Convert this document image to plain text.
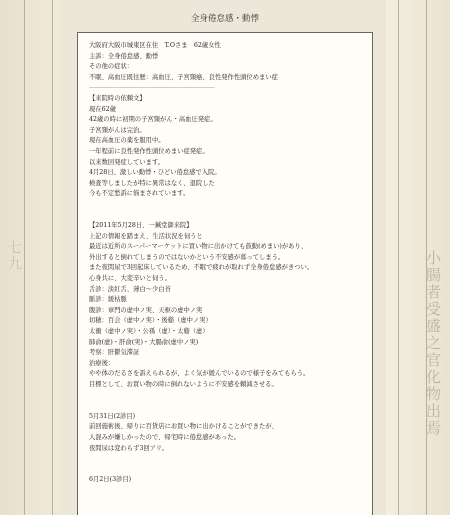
小腸者受盛之官化物出焉
七九
全身倦怠感・動悸
大阪府大阪市城東区在住　T.Oさま　62歳女性
主訴：全身倦怠感、動悸
その他の症状：
不眠、高血圧既往歴：高血圧、子宮頸癌、良性発作性頭位めまい症
----------------------------------------------------------------------------------
【来院時の依頼文】
現在62歳
42歳の時に初期の子宮頸がん・高血圧発症。
子宮頸がんは完治。
現在高血圧の薬を服用中。
一年程前に良性発作性頭位めまい症発症。
以来数回発症しています。
4月28日、激しい動悸・ひどい倦怠感で入院。
検査等しましたが特に異常はなく、退院した
今も不定愁訴に悩まされています。
【2011年5月28日、一鍼堂御来院】
上記の情報を踏まえ、生活状況を伺うと
最近は近所のスーパーマーケットに買い物に出かけても鼓動(めまい)があり、
外出すると倒れてしまうのではないかという不安感が募ってしまう。
また夜間尿で3回起床しているため、不眠で疲れが取れず全身倦怠感がきつい。
心身共に、大変辛いと伺う。
舌診：淡紅舌、薄白〜少白苔
脈診：緩枯脈
腹診：章門の虚中ノ実、天枢の虚中ノ実
切穂：百会（虚中ノ実）・後谿（虚中ノ実）
太衝（虚中ノ実）・公孫（虚）・太谿（虚）
肺俞(虚)・肝俞(実)・大腸俞(虚中ノ実)
考察：肝鬱気滞証
治療後：
やや体のだるさを訴えられるが、よく気が緩んでいるので様子をみてもらう。
目標として、お買い物の時に倒れないように不安感を頼減させる。
5月31日(2診目)
前回施術後、帰りに百貨店にお買い物に出かけることができたが、
人混みが嫌しかったので、帰宅時に倦怠感があった。
夜間尿は変わらず3回アリ。
6月2日(3診目)
